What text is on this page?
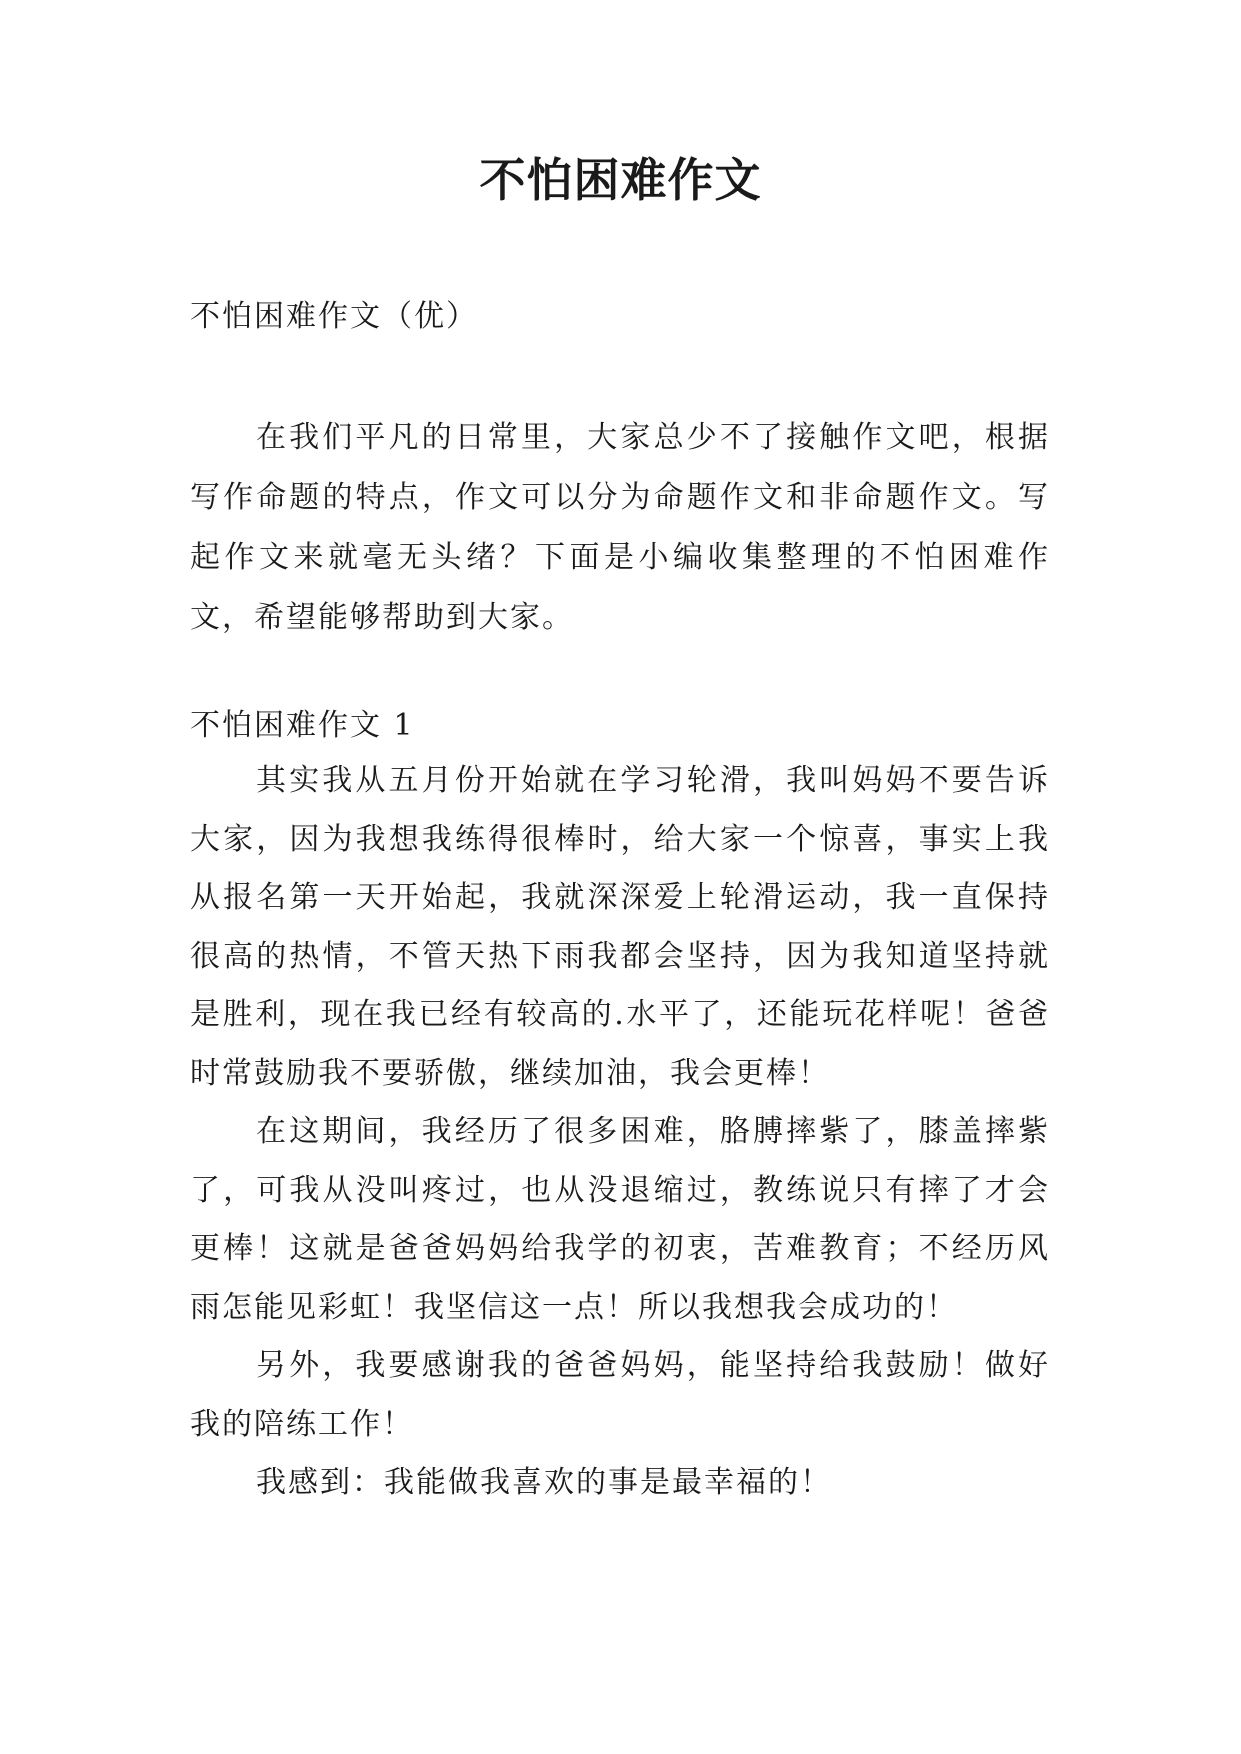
不怕困难作文

不怕困难作文（优）

在我们平凡的日常里，大家总少不了接触作文吧，根据写作命题的特点，作文可以分为命题作文和非命题作文。写起作文来就毫无头绪？下面是小编收集整理的不怕困难作文，希望能够帮助到大家。

不怕困难作文 1

其实我从五月份开始就在学习轮滑，我叫妈妈不要告诉大家，因为我想我练得很棒时，给大家一个惊喜，事实上我从报名第一天开始起，我就深深爱上轮滑运动，我一直保持很高的热情，不管天热下雨我都会坚持，因为我知道坚持就是胜利，现在我已经有较高的.水平了，还能玩花样呢！爸爸时常鼓励我不要骄傲，继续加油，我会更棒！

在这期间，我经历了很多困难，胳膊摔紫了，膝盖摔紫了，可我从没叫疼过，也从没退缩过，教练说只有摔了才会更棒！这就是爸爸妈妈给我学的初衷，苦难教育；不经历风雨怎能见彩虹！我坚信这一点！所以我想我会成功的！

另外，我要感谢我的爸爸妈妈，能坚持给我鼓励！做好我的陪练工作！

我感到：我能做我喜欢的事是最幸福的！
